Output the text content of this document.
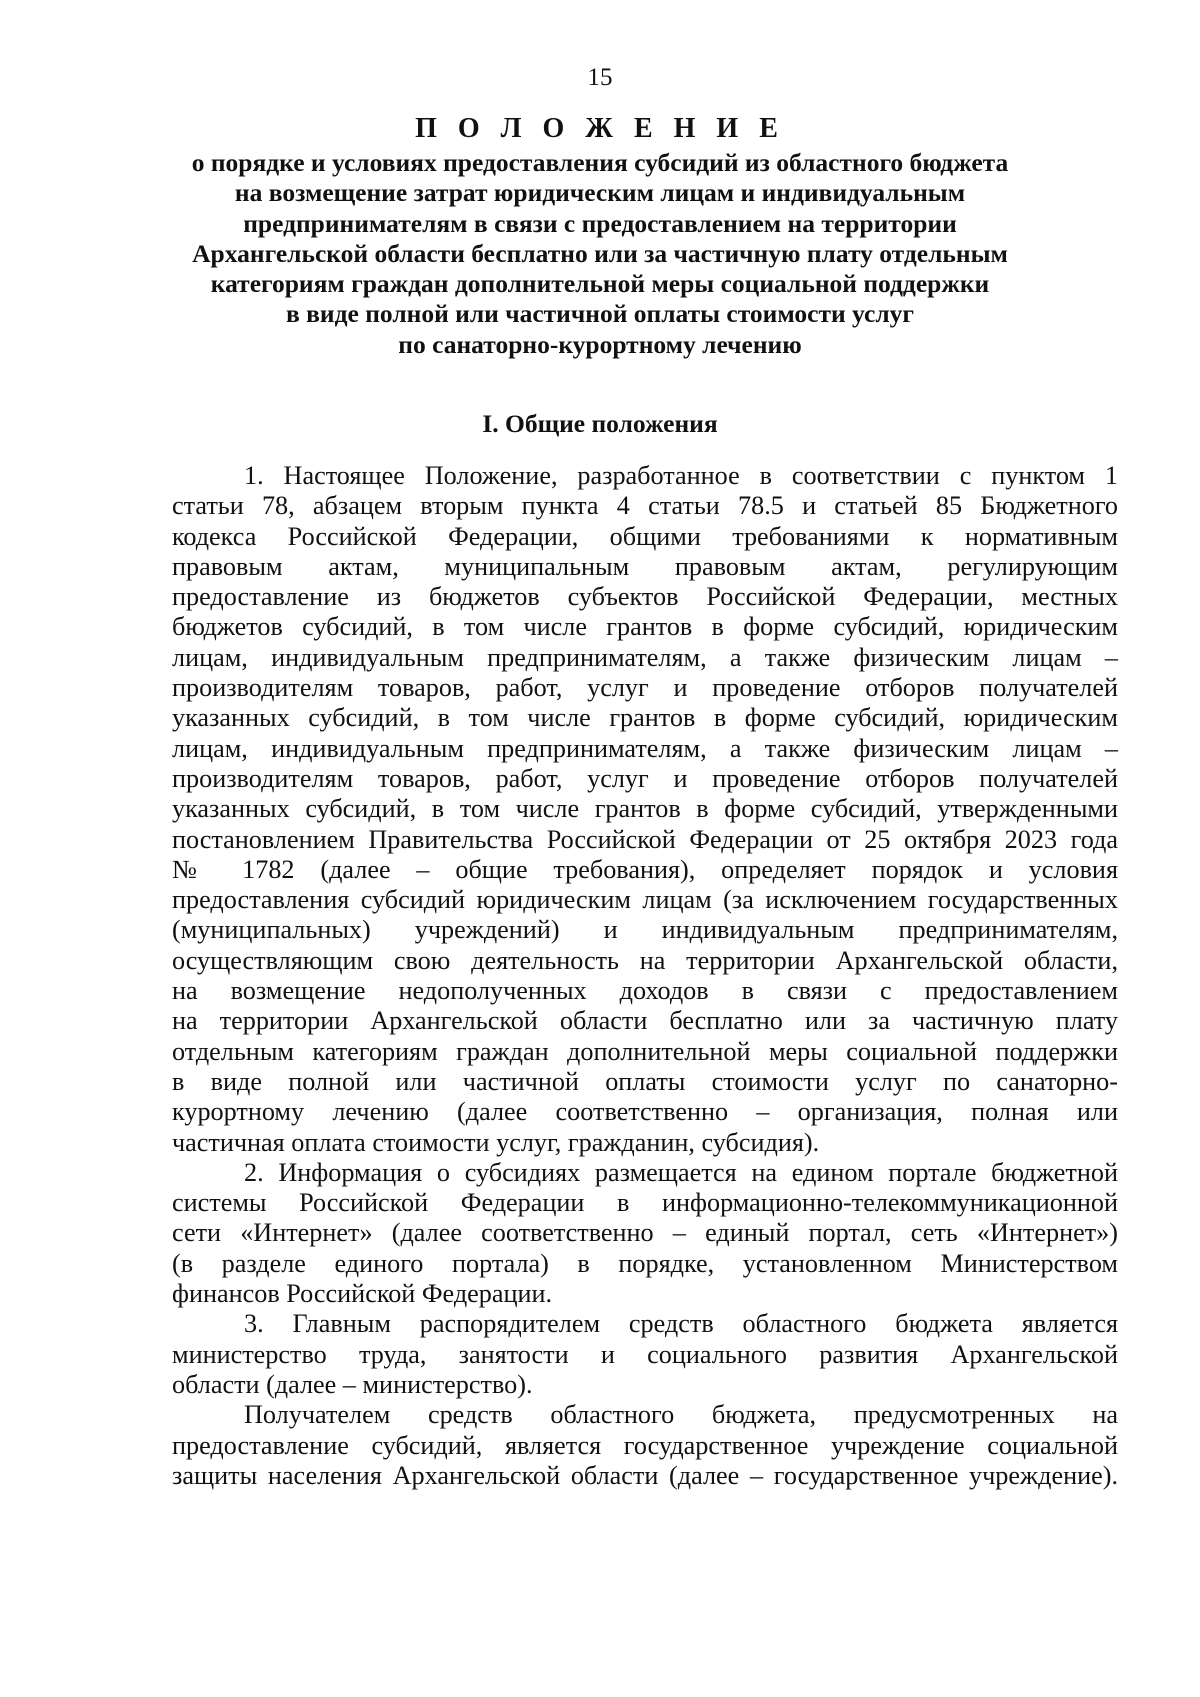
15
П О Л О Ж Е Н И Е
о порядке и условиях предоставления субсидий из областного бюджета
на возмещение затрат юридическим лицам и индивидуальным
предпринимателям в связи с предоставлением на территории
Архангельской области бесплатно или за частичную плату отдельным
категориям граждан дополнительной меры социальной поддержки
в виде полной или частичной оплаты стоимости услуг
по санаторно-курортному лечению
I. Общие положения
1. Настоящее Положение, разработанное в соответствии с пунктом 1
статьи 78, абзацем вторым пункта 4 статьи 78.5 и статьей 85 Бюджетного
кодекса Российской Федерации, общими требованиями к нормативным
правовым актам, муниципальным правовым актам, регулирующим
предоставление из бюджетов субъектов Российской Федерации, местных
бюджетов субсидий, в том числе грантов в форме субсидий, юридическим
лицам, индивидуальным предпринимателям, а также физическим лицам –
производителям товаров, работ, услуг и проведение отборов получателей
указанных субсидий, в том числе грантов в форме субсидий, юридическим
лицам, индивидуальным предпринимателям, а также физическим лицам –
производителям товаров, работ, услуг и проведение отборов получателей
указанных субсидий, в том числе грантов в форме субсидий, утвержденными
постановлением Правительства Российской Федерации от 25 октября 2023 года
№ 1782 (далее – общие требования), определяет порядок и условия
предоставления субсидий юридическим лицам (за исключением государственных
(муниципальных) учреждений) и индивидуальным предпринимателям,
осуществляющим свою деятельность на территории Архангельской области,
на возмещение недополученных доходов в связи с предоставлением
на территории Архангельской области бесплатно или за частичную плату
отдельным категориям граждан дополнительной меры социальной поддержки
в виде полной или частичной оплаты стоимости услуг по санаторно-
курортному лечению (далее соответственно – организация, полная или
частичная оплата стоимости услуг, гражданин, субсидия).
2. Информация о субсидиях размещается на едином портале бюджетной
системы Российской Федерации в информационно-телекоммуникационной
сети «Интернет» (далее соответственно – единый портал, сеть «Интернет»)
(в разделе единого портала) в порядке, установленном Министерством
финансов Российской Федерации.
3. Главным распорядителем средств областного бюджета является
министерство труда, занятости и социального развития Архангельской
области (далее – министерство).
Получателем средств областного бюджета, предусмотренных на
предоставление субсидий, является государственное учреждение социальной
защиты населения Архангельской области (далее – государственное учреждение).
